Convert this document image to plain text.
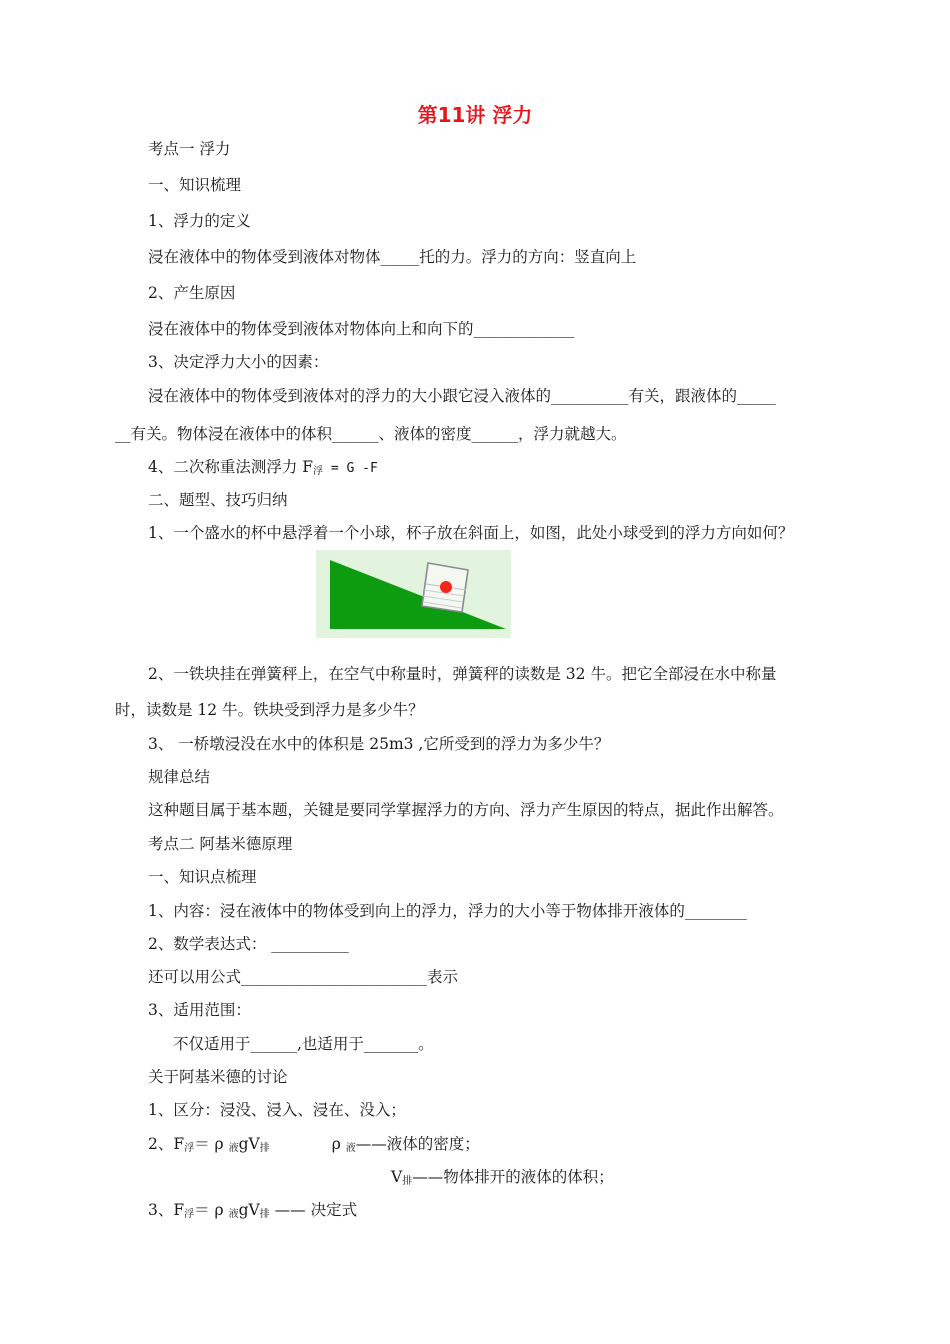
第11讲 浮力
考点一 浮力
一、知识梳理
1、浮力的定义
浸在液体中的物体受到液体对物体_____托的力。浮力的方向：竖直向上
2、产生原因
浸在液体中的物体受到液体对物体向上和向下的_____________
3、决定浮力大小的因素：
浸在液体中的物体受到液体对的浮力的大小跟它浸入液体的__________有关，跟液体的_____
__有关。物体浸在液体中的体积______、液体的密度______，浮力就越大。
4、二次称重法测浮力 $F_浮 = G$ -F
二、题型、技巧归纳
1、一个盛水的杯中悬浮着一个小球，杯子放在斜面上，如图，此处小球受到的浮力方向如何？
2、一铁块挂在弹簧秤上，在空气中称量时，弹簧秤的读数是 32 牛。把它全部浸在水中称量
时，读数是 12 牛。铁块受到浮力是多少牛？
3、 一桥墩浸没在水中的体积是 25m3 ,它所受到的浮力为多少牛？
规律总结
这种题目属于基本题，关键是要同学掌握浮力的方向、浮力产生原因的特点，据此作出解答。
考点二 阿基米德原理
一、知识点梳理
1、内容：浸在液体中的物体受到向上的浮力，浮力的大小等于物体排开液体的________
2、数学表达式： __________
还可以用公式________________________表示
3、适用范围：
不仅适用于______,也适用于_______。
关于阿基米德的讨论
1、区分：浸没、浸入、浸在、没入；
2、$F_浮= \rho$ $_液gV_排$	ρ $_液$——液体的密度；
$V_排——$物体排开的液体的体积；
3、$F_浮= \rho$ $_液gV_排$ —— 决定式
